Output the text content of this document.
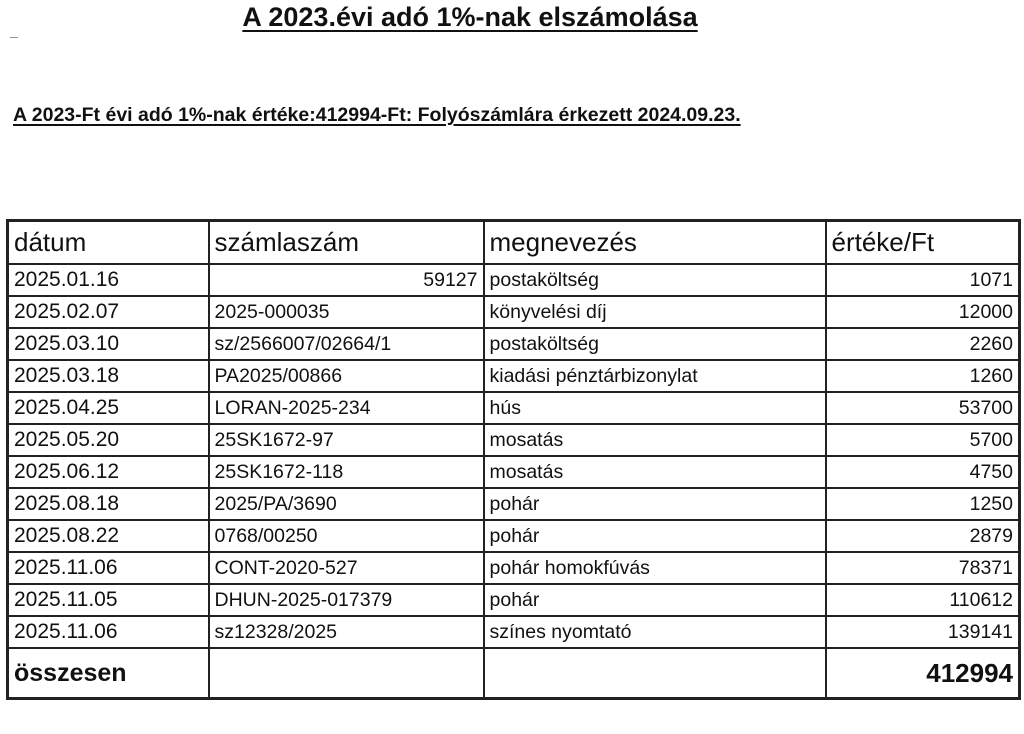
_	A 2023.évi adó 1%-nak elszámolása
A 2023-Ft évi adó 1%-nak értéke:412994-Ft: Folyószámlára érkezett 2024.09.23.
dátum	számlaszám	megnevezés	értéke/Ft
2025.01.16	59127	postaköltség	1071
2025.02.07	2025-000035	könyvelési díj	12000
2025.03.10	sz/2566007/02664/1	postaköltség	2260
2025.03.18	PA2025/00866	kiadási pénztárbizonylat	1260
2025.04.25	LORAN-2025-234	hús	53700
2025.05.20	25SK1672-97	mosatás	5700
2025.06.12	25SK1672-118	mosatás	4750
2025.08.18	2025/PA/3690	pohár	1250
2025.08.22	0768/00250	pohár	2879
2025.11.06	CONT-2020-527	pohár homokfúvás	78371
2025.11.05	DHUN-2025-017379	pohár	110612
2025.11.06	sz12328/2025	színes nyomtató	139141
összesen			412994
